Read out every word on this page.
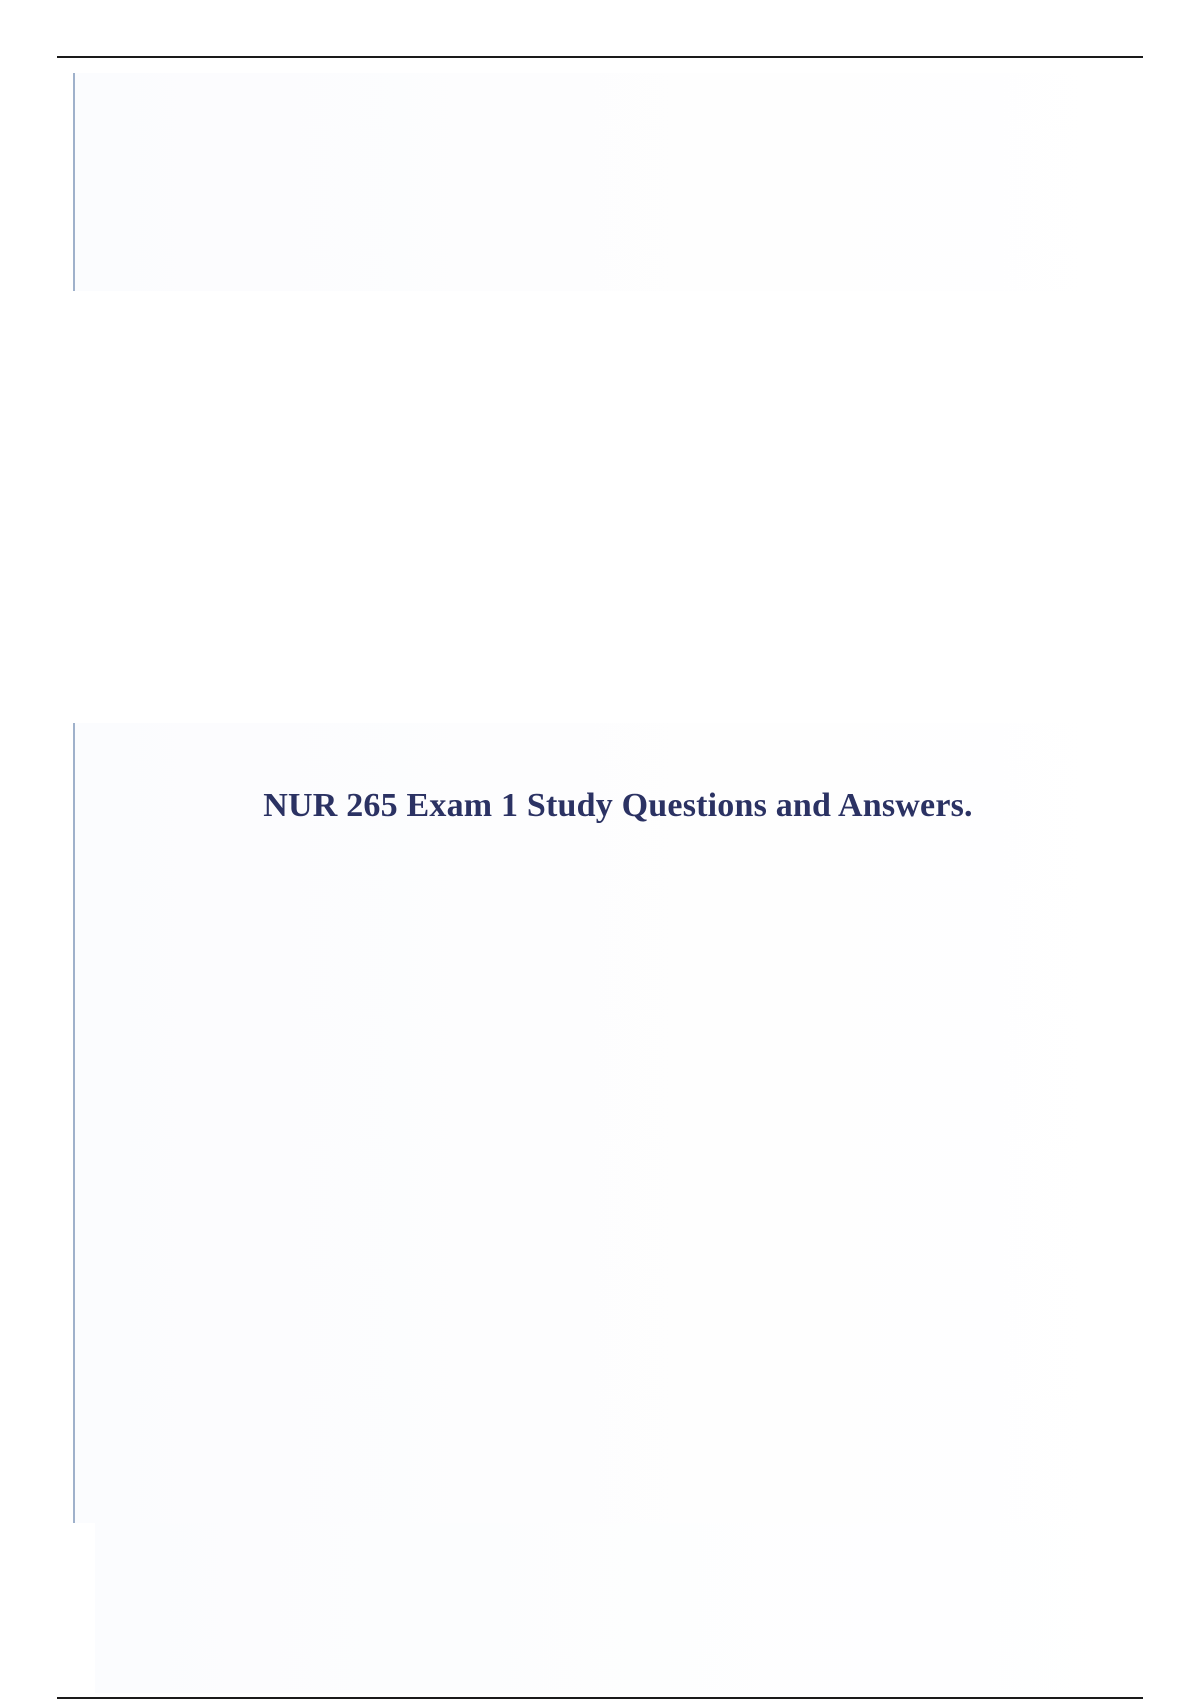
NUR 265 Exam 1 Study Questions and Answers.
